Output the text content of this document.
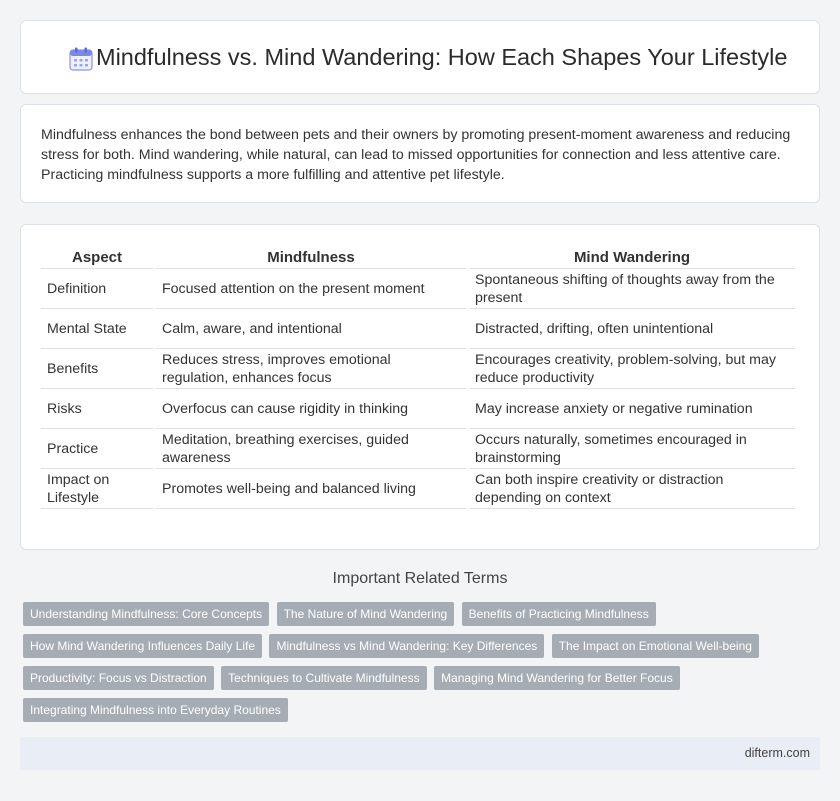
Mindfulness vs. Mind Wandering: How Each Shapes Your Lifestyle

Mindfulness enhances the bond between pets and their owners by promoting present-moment awareness and reducing stress for both. Mind wandering, while natural, can lead to missed opportunities for connection and less attentive care. Practicing mindfulness supports a more fulfilling and attentive pet lifestyle.

Aspect	Mindfulness	Mind Wandering
Definition	Focused attention on the present moment	Spontaneous shifting of thoughts away from the present
Mental State	Calm, aware, and intentional	Distracted, drifting, often unintentional
Benefits	Reduces stress, improves emotional regulation, enhances focus	Encourages creativity, problem-solving, but may reduce productivity
Risks	Overfocus can cause rigidity in thinking	May increase anxiety or negative rumination
Practice	Meditation, breathing exercises, guided awareness	Occurs naturally, sometimes encouraged in brainstorming
Impact on Lifestyle	Promotes well-being and balanced living	Can both inspire creativity or distraction depending on context
Important Related Terms
Understanding Mindfulness: Core Concepts The Nature of Mind Wandering Benefits of Practicing Mindfulness
How Mind Wandering Influences Daily Life Mindfulness vs Mind Wandering: Key Differences The Impact on Emotional Well-being
Productivity: Focus vs Distraction Techniques to Cultivate Mindfulness Managing Mind Wandering for Better Focus
Integrating Mindfulness into Everyday Routines
difterm.com
